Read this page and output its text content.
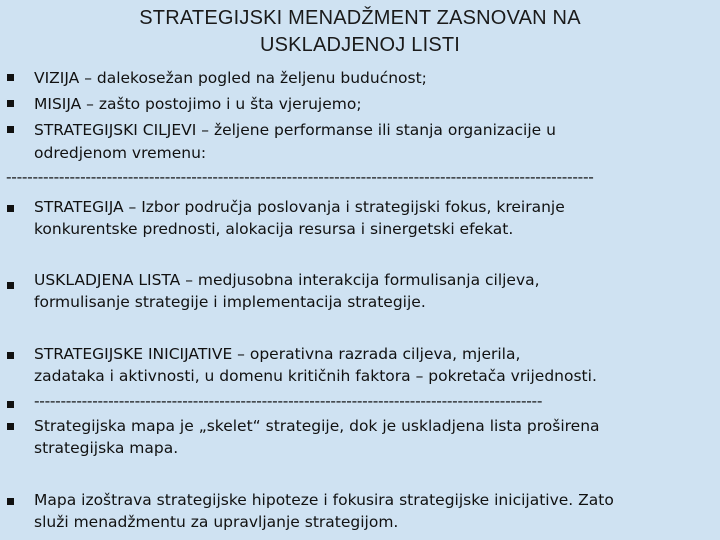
STRATEGIJSKI MENADŽMENT ZASNOVAN NA
USKLADJENOJ LISTI
VIZIJA – dalekosežan pogled na željenu budućnost;
MISIJA – zašto postojimo i u šta vjerujemo;
STRATEGIJSKI CILJEVI – željene performanse ili stanja organizacije u
odredjenom vremenu:
---------------------------------------------------------------------------------------------------------------
STRATEGIJA – Izbor područja poslovanja i strategijski fokus, kreiranje
konkurentske prednosti, alokacija resursa i sinergetski efekat.
USKLADJENA LISTA – medjusobna interakcija formulisanja ciljeva,
formulisanje strategije i implementacija strategije.
STRATEGIJSKE INICIJATIVE – operativna razrada ciljeva, mjerila,
zadataka i aktivnosti, u domenu kritičnih faktora – pokretača vrijednosti.
------------------------------------------------------------------------------------------------
Strategijska mapa je „skelet“ strategije, dok je uskladjena lista proširena
strategijska mapa.
Mapa izoštrava strategijske hipoteze i fokusira strategijske inicijative. Zato
služi menadžmentu za upravljanje strategijom.
